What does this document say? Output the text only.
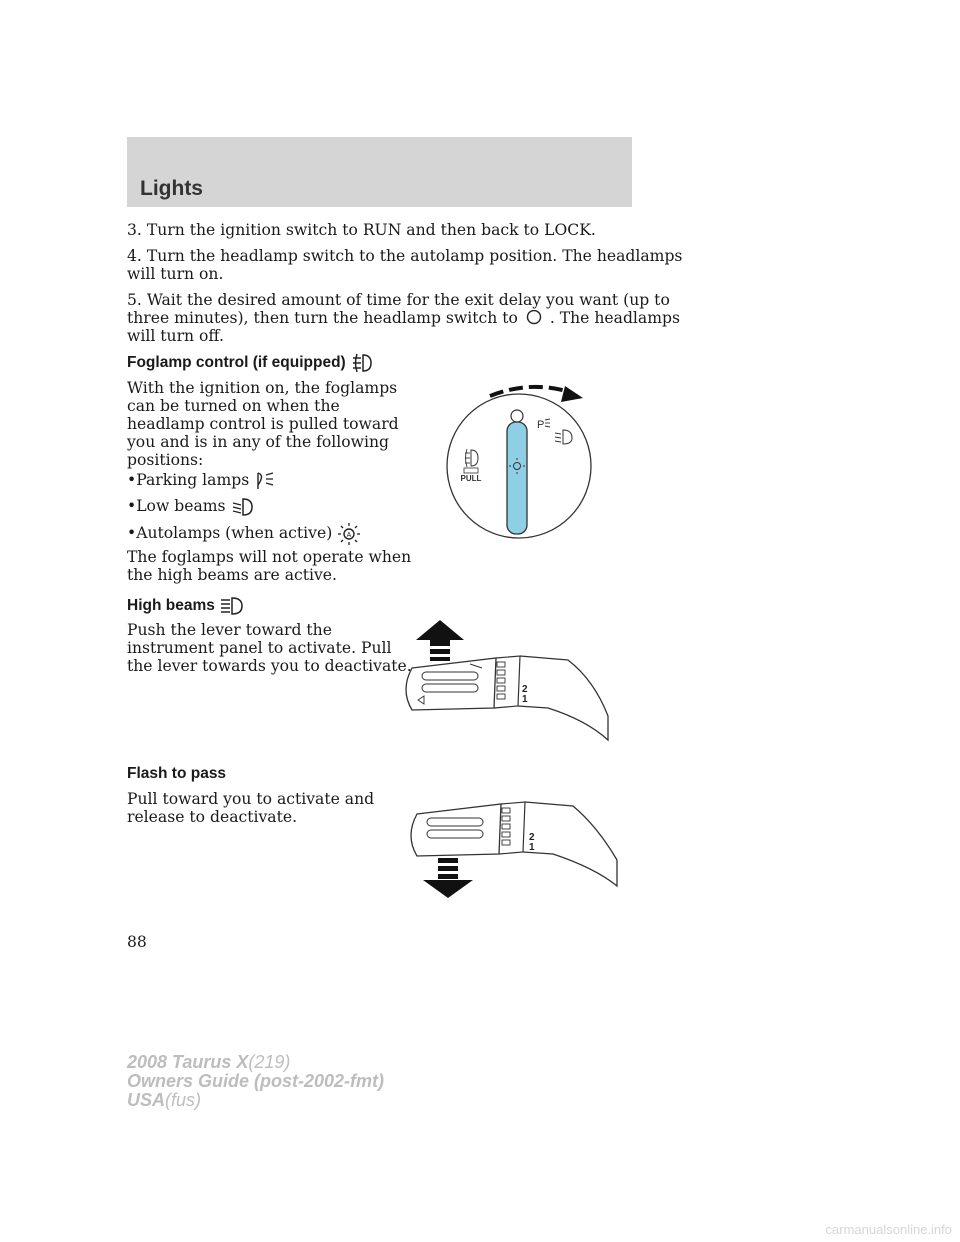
Lights

3. Turn the ignition switch to RUN and then back to LOCK.

4. Turn the headlamp switch to the autolamp position. The headlamps

will turn on.

5. Wait the desired amount of time for the exit delay you want (up to

three minutes), then turn the headlamp switch to . The headlamps

will turn off.

Foglamp control (if equipped)

With the ignition on, the foglamps

can be turned on when the

headlamp control is pulled toward

you and is in any of the following

positions:

•Parking lamps

•Low beams

•Autolamps (when active) A

The foglamps will not operate when

the high beams are active.

P
PULL

High beams

Push the lever toward the

instrument panel to activate. Pull

the lever towards you to deactivate.

2
1

Flash to pass

Pull toward you to activate and

release to deactivate.

2
1
88
2008 Taurus X(219)
Owners Guide (post-2002-fmt)
USA(fus)
carmanualsonline.info
